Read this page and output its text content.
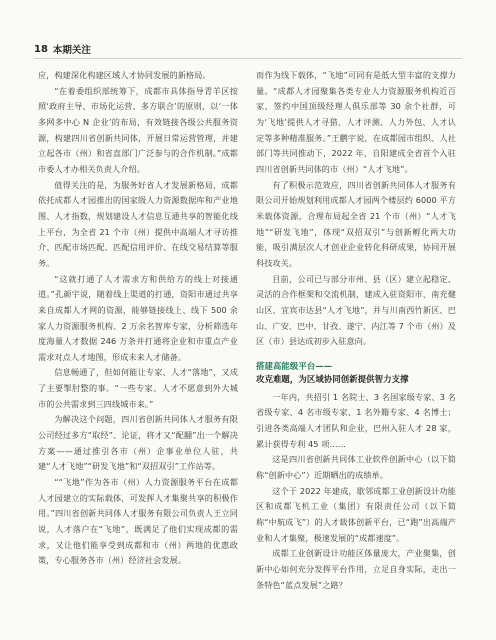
18 本期关注

应，构建深化构建区域人才协同发展的新格局。

“在着委组织部统筹下，成都市具体指导青羊区按照‘政府主导、市场化运营、多方联合’的原则，以‘一体多网多中心 N 企业’的布局，有效链接各级公共服务资源，构建四川省创新共同体，开展日常运营管理，并建立起各市（州）和省直部门广泛参与的合作机制。”成都市委人才办相关负责人介绍。

值得关注的是，为服务好省人才发展新格局，成都依托成都人才园推出的国家级人力资源数据库和产业地图、人才指数，规划建设人才信息互通共享的智能化线上平台，为全省 21 个市（州）提供中高端人才寻访推介、匹配市场匹配、匹配信用评价、在线交易结算等服务。

“这就打通了人才需求方和供给方的线上对接通道。”孔颜宇说，随着线上渠道的打通，资阳市通过共享来自成都人才网的资源，能够链接线上、线下 500 余家人力资源服务机构、2 万余名智库专家，分析筛选年度海量人才数据 246 万条并打通将企业和市重点产业需求对点人才地图，形成未来人才储备。

信息畅通了，但如何能让专家、人才“落地”，又成了主要掣肘整的事。“一些专家、人才不愿意到外大城市的公共需求到三四线城市来。”

为解决这个问题，四川省创新共同体人才服务有限公司经过多方“取经”、论证，将才又“配翻”出一个解决方案——通过推引各市（州）企事业单位人驻，共建“人才飞地”“研发飞地”和“双招双引”工作站等。

““飞地”作为各市（州）人力资源服务平台在成都人才园建立的实际载体，可发挥人才集聚共享的积极作用。”四川省创新共同体人才服务有限公司负责人王立同说，人才落户在“飞地”，既满足了他们实现成都的需求，又让他们能享受到成都和市（州）两地的优惠政策，专心服务各市（州）经济社会发展。

而作为线下载体，“飞地”可同有是低大型丰富的支撑力量。“成都人才园聚集各类专业人力资源服务机构近百家，签约中国顶级经理人俱乐部等 30 余个社群，可为‘飞地’提供人才寻猎、人才评测、人力外包、人才认定等多种精准服务。”王鹏宇说，在成都园市组织、人社部门等共同推动下，2022 年，自阳建成全省首个入驻四川省创新共同体的市（州）“人才飞地”。

有了积极示范效应，四川省创新共同体人才服务有限公司开始规划利用成都人才园两个楼层约 6000 平方米载体资源，合理布局起全省 21 个市（州）“人才飞地”“研发飞地”，体现“双招双引”与创新孵化两大功能，吸引满层次人才创业企业转化科研成果，协同开展科技攻关。

目前，公司已与部分市州、县（区）建立起稳定、灵活的合作框架和交流机制，建成入驻资阳市、南充健山区、宜宾市达县“人才飞地”，并与川南西竹新区、巴山、广安、巴中、甘孜、遂宁、内江等 7 个市（州）及区（市）县达成初步入驻意向。

搭建高能级平台——
攻克难题，为区域协同创新提供智力支撑

一年内，共招引 1 名院士、3 名国家级专家、3 名省级专家、4 名市级专家、1 名外籍专家、4 名博士；引进各类高端人才团队和企业，巴州入驻人才 28 家，累计获得专利 45 项……

这是四川省创新共同体工业软件创新中心（以下简称“创新中心”）近期晒出的成绩单。

这个于 2022 年建成，歇邻成都工业创新设计功能区和成都飞机工业（集团）有限责任公司（以下简称“中航成飞”）的人才载体创新平台，已“跑”出高端产业和人才集聚，极速发展的“成都速度”。

成都工业创新设计功能区体量庞大，产业聚集，创新中心如何充分发挥平台作用，立足自身实际，走出一条特色“蓝点发展”之路？
